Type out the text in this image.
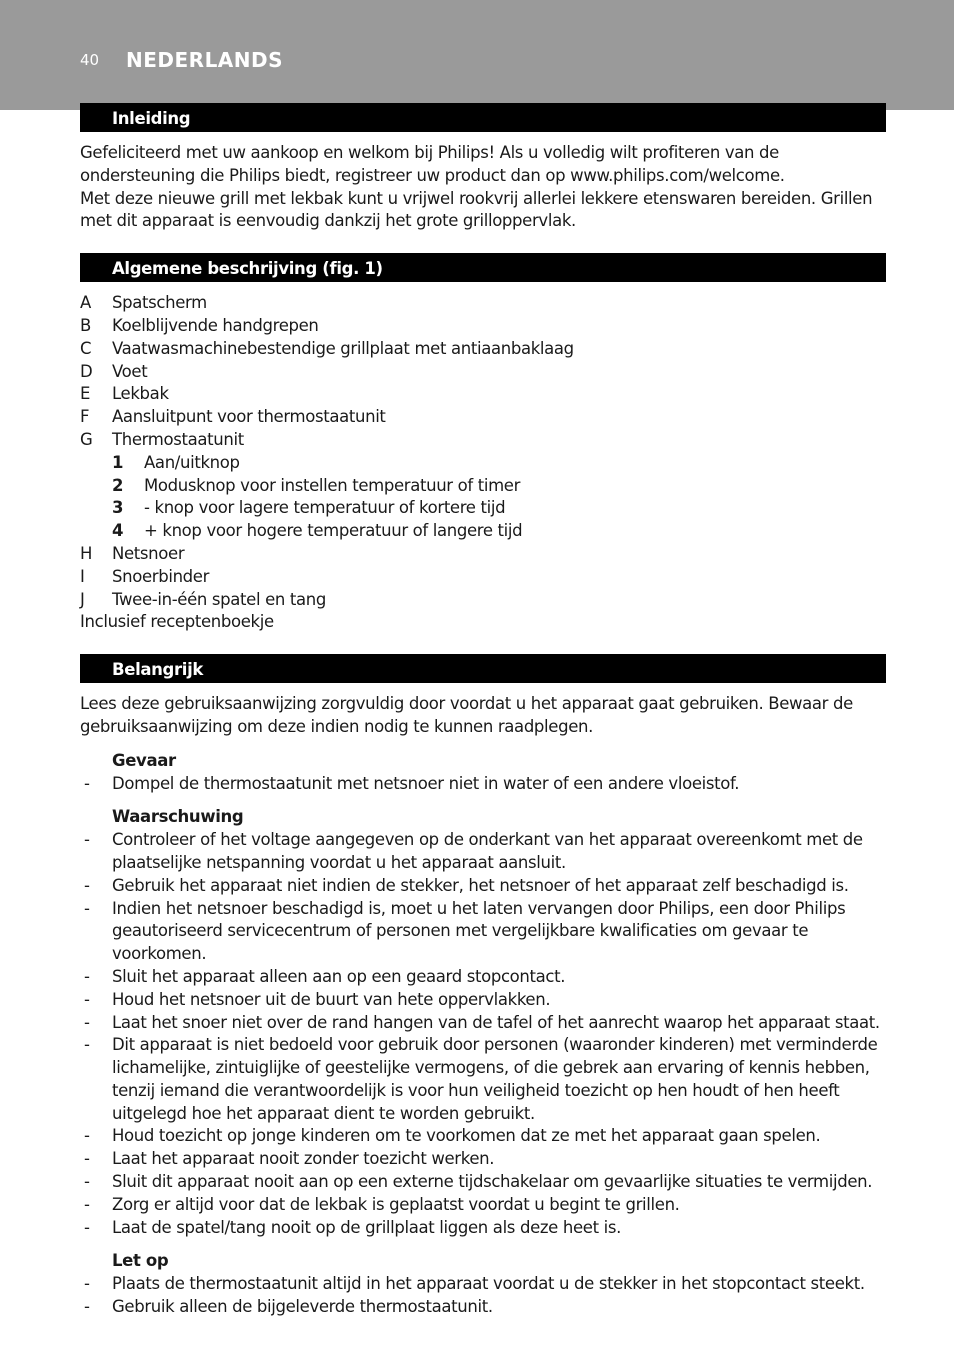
40 NEDERLANDS
Inleiding

Gefeliciteerd met uw aankoop en welkom bij Philips! Als u volledig wilt profiteren van de ondersteuning die Philips biedt, registreer uw product dan op www.philips.com/welcome.

Met deze nieuwe grill met lekbak kunt u vrijwel rookvrij allerlei lekkere etenswaren bereiden. Grillen met dit apparaat is eenvoudig dankzij het grote grilloppervlak.

Algemene beschrijving (fig. 1)
A Spatscherm
B Koelblijvende handgrepen
C Vaatwasmachinebestendige grillplaat met antiaanbaklaag
D Voet
E Lekbak
F Aansluitpunt voor thermostaatunit
G Thermostaatunit
1 Aan/uitknop
2 Modusknop voor instellen temperatuur of timer
3 - knop voor lagere temperatuur of kortere tijd
4 + knop voor hogere temperatuur of langere tijd
H Netsnoer
I Snoerbinder
J Twee-in-één spatel en tang
Inclusief receptenboekje
Belangrijk

Lees deze gebruiksaanwijzing zorgvuldig door voordat u het apparaat gaat gebruiken. Bewaar de gebruiksaanwijzing om deze indien nodig te kunnen raadplegen.

Gevaar
- Dompel de thermostaatunit met netsnoer niet in water of een andere vloeistof.
Waarschuwing
- Controleer of het voltage aangegeven op de onderkant van het apparaat overeenkomt met de plaatselijke netspanning voordat u het apparaat aansluit.
- Gebruik het apparaat niet indien de stekker, het netsnoer of het apparaat zelf beschadigd is.
- Indien het netsnoer beschadigd is, moet u het laten vervangen door Philips, een door Philips geautoriseerd servicecentrum of personen met vergelijkbare kwalificaties om gevaar te voorkomen.
- Sluit het apparaat alleen aan op een geaard stopcontact.
- Houd het netsnoer uit de buurt van hete oppervlakken.
- Laat het snoer niet over de rand hangen van de tafel of het aanrecht waarop het apparaat staat.
- Dit apparaat is niet bedoeld voor gebruik door personen (waaronder kinderen) met verminderde lichamelijke, zintuiglijke of geestelijke vermogens, of die gebrek aan ervaring of kennis hebben, tenzij iemand die verantwoordelijk is voor hun veiligheid toezicht op hen houdt of hen heeft uitgelegd hoe het apparaat dient te worden gebruikt.
- Houd toezicht op jonge kinderen om te voorkomen dat ze met het apparaat gaan spelen.
- Laat het apparaat nooit zonder toezicht werken.
- Sluit dit apparaat nooit aan op een externe tijdschakelaar om gevaarlijke situaties te vermijden.
- Zorg er altijd voor dat de lekbak is geplaatst voordat u begint te grillen.
- Laat de spatel/tang nooit op de grillplaat liggen als deze heet is.
Let op
- Plaats de thermostaatunit altijd in het apparaat voordat u de stekker in het stopcontact steekt.
- Gebruik alleen de bijgeleverde thermostaatunit.
